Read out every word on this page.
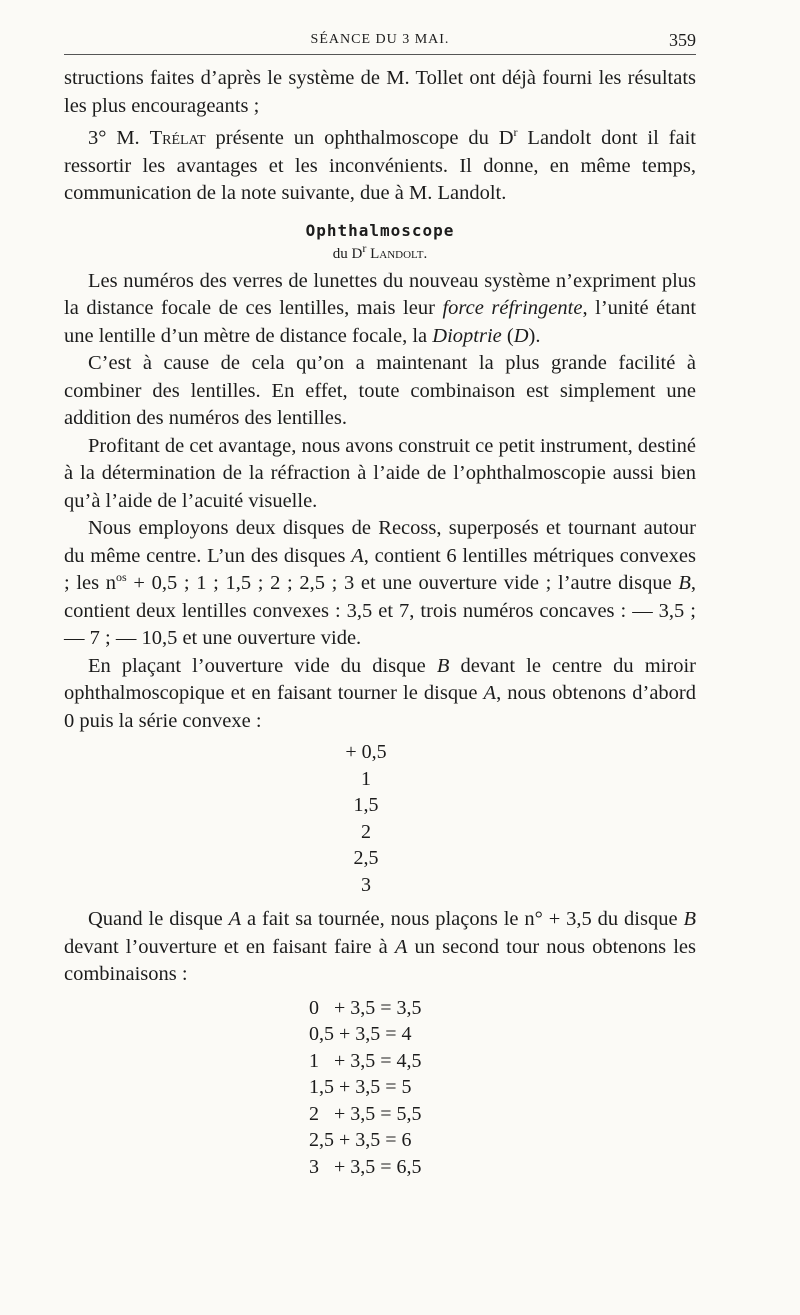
SÉANCE DU 3 MAI.	359

structions faites d’après le système de M. Tollet ont déjà fourni les résultats les plus encourageants ;

3° M. Trélat présente un ophthalmoscope du $D^r$ Landolt dont il fait ressortir les avantages et les inconvénients. Il donne, en même temps, communication de la note suivante, due à M. Landolt.

Ophthalmoscope
du $D^r$ Landolt.

Les numéros des verres de lunettes du nouveau système n’expriment plus la distance focale de ces lentilles, mais leur force réfringente, l’unité étant une lentille d’un mètre de distance focale, la Dioptrie (D).

C’est à cause de cela qu’on a maintenant la plus grande facilité à combiner des lentilles. En effet, toute combinaison est simplement une addition des numéros des lentilles.

Profitant de cet avantage, nous avons construit ce petit instrument, destiné à la détermination de la réfraction à l’aide de l’ophthalmoscopie aussi bien qu’à l’aide de l’acuité visuelle.

Nous employons deux disques de Recoss, superposés et tournant autour du même centre. L’un des disques A, contient 6 lentilles métriques convexes ; les $n^{os} + 0,5$ ; 1 ; 1,5 ; 2 ; 2,5 ; 3 et une ouverture vide ; l’autre disque B, contient deux lentilles convexes : 3,5 et 7, trois numéros concaves : — 3,5 ; — 7 ; — 10,5 et une ouverture vide.

En plaçant l’ouverture vide du disque B devant le centre du miroir ophthalmoscopique et en faisant tourner le disque A, nous obtenons d’abord 0 puis la série convexe :

+ 0,5
1
1,5
2
2,5
3

Quand le disque A a fait sa tournée, nous plaçons le n° + 3,5 du disque B devant l’ouverture et en faisant faire à A un second tour nous obtenons les combinaisons :

0   + 3,5 = 3,5
0,5 + 3,5 = 4
1   + 3,5 = 4,5
1,5 + 3,5 = 5
2   + 3,5 = 5,5
2,5 + 3,5 = 6
3   + 3,5 = 6,5
